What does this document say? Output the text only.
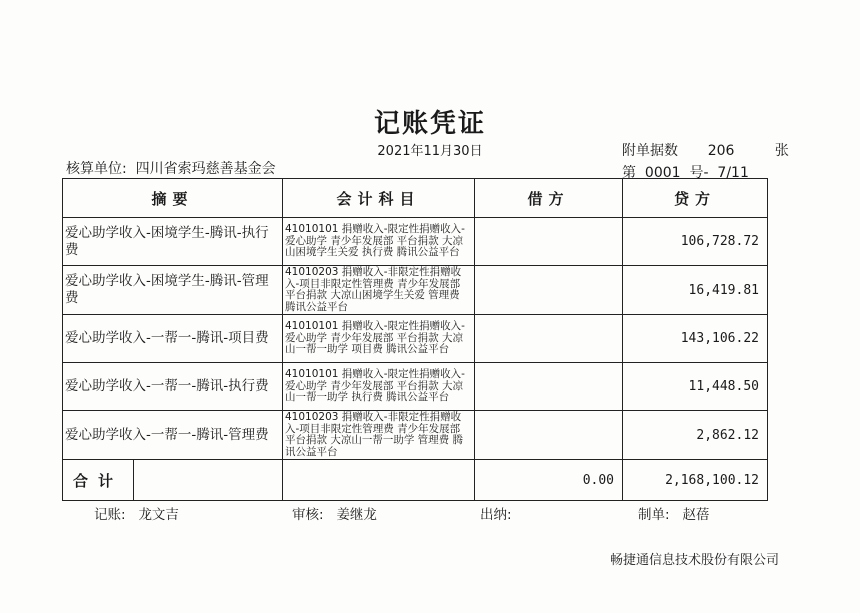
记账凭证
2021年11月30日
核算单位: 四川省索玛慈善基金会
附单据数 206	张
第 0001 号- 7/11
摘要	会计科目	借方	贷方
爱心助学收入-困境学生-腾讯-执行费	41010101 捐赠收入-限定性捐赠收入-爱心助学 青少年发展部 平台捐款 大凉山困境学生关爱 执行费 腾讯公益平台		106,728.72
爱心助学收入-困境学生-腾讯-管理费	41010203 捐赠收入-非限定性捐赠收入-项目非限定性管理费 青少年发展部 平台捐款 大凉山困境学生关爱 管理费 腾讯公益平台		16,419.81
爱心助学收入-一帮一-腾讯-项目费	41010101 捐赠收入-限定性捐赠收入-爱心助学 青少年发展部 平台捐款 大凉山一帮一助学 项目费 腾讯公益平台		143,106.22
爱心助学收入-一帮一-腾讯-执行费	41010101 捐赠收入-限定性捐赠收入-爱心助学 青少年发展部 平台捐款 大凉山一帮一助学 执行费 腾讯公益平台		11,448.50
爱心助学收入-一帮一-腾讯-管理费	41010203 捐赠收入-非限定性捐赠收入-项目非限定性管理费 青少年发展部 平台捐款 大凉山一帮一助学 管理费 腾讯公益平台		2,862.12

合计		0.00	2,168,100.12
记账: 龙文吉	审核: 姜继龙	出纳:	制单: 赵蓓
畅捷通信息技术股份有限公司
